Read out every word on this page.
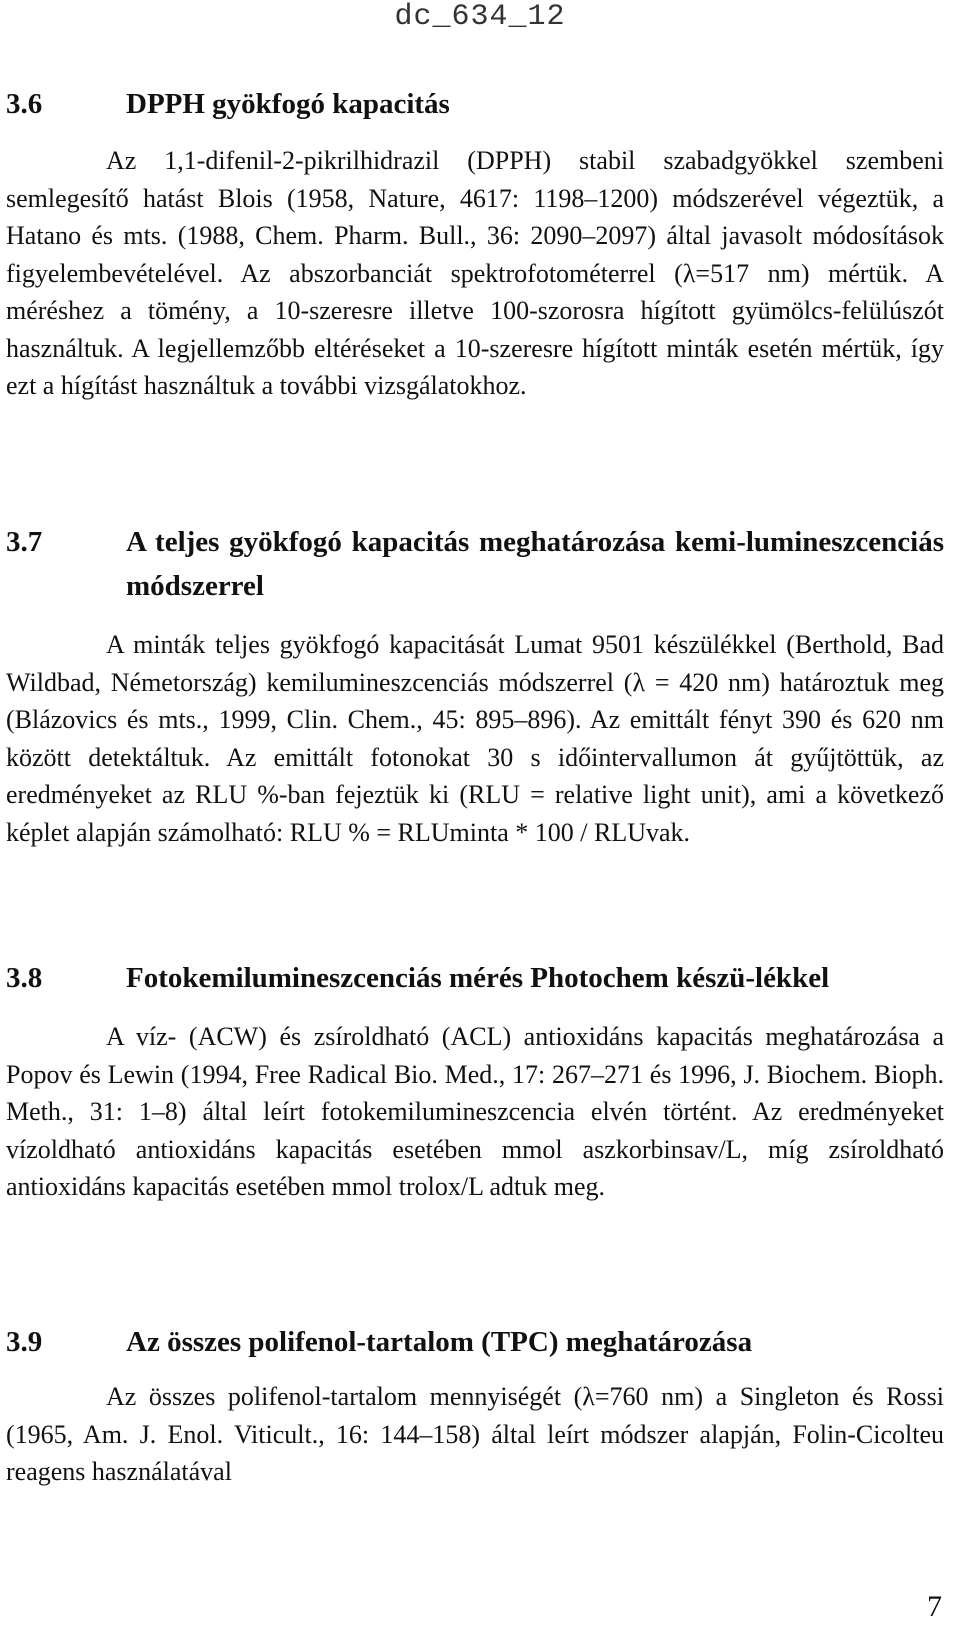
dc_634_12
3.6	DPPH gyökfogó kapacitás

Az 1,1-difenil-2-pikrilhidrazil (DPPH) stabil szabadgyökkel szembeni semlegesítő hatást Blois (1958, Nature, 4617: 1198–1200) módszerével végeztük, a Hatano és mts. (1988, Chem. Pharm. Bull., 36: 2090–2097) által javasolt módosítások figyelembevételével. Az abszorbanciát spektrofotométerrel (λ=517 nm) mértük. A méréshez a tömény, a 10-szeresre illetve 100-szorosra hígított gyümölcs-felülúszót használtuk. A legjellemzőbb eltéréseket a 10-szeresre hígított minták esetén mértük, így ezt a hígítást használtuk a további vizsgálatokhoz.

3.7	A teljes gyökfogó kapacitás meghatározása kemi-lumineszcenciás módszerrel

A minták teljes gyökfogó kapacitását Lumat 9501 készülékkel (Berthold, Bad Wildbad, Németország) kemilumineszcenciás módszerrel (λ = 420 nm) határoztuk meg (Blázovics és mts., 1999, Clin. Chem., 45: 895–896). Az emittált fényt 390 és 620 nm között detektáltuk. Az emittált fotonokat 30 s időintervallumon át gyűjtöttük, az eredményeket az RLU %-ban fejeztük ki (RLU = relative light unit), ami a következő képlet alapján számolható: RLU % = RLUminta * 100 / RLUvak.

3.8	Fotokemilumineszcenciás mérés Photochem készü-lékkel

A víz- (ACW) és zsíroldható (ACL) antioxidáns kapacitás meghatározása a Popov és Lewin (1994, Free Radical Bio. Med., 17: 267–271 és 1996, J. Biochem. Bioph. Meth., 31: 1–8) által leírt fotokemilumineszcencia elvén történt. Az eredményeket vízoldható antioxidáns kapacitás esetében mmol aszkorbinsav/L, míg zsíroldható antioxidáns kapacitás esetében mmol trolox/L adtuk meg.

3.9	Az összes polifenol-tartalom (TPC) meghatározása

Az összes polifenol-tartalom mennyiségét (λ=760 nm) a Singleton és Rossi (1965, Am. J. Enol. Viticult., 16: 144–158) által leírt módszer alapján, Folin-Cicolteu reagens használatával

7
